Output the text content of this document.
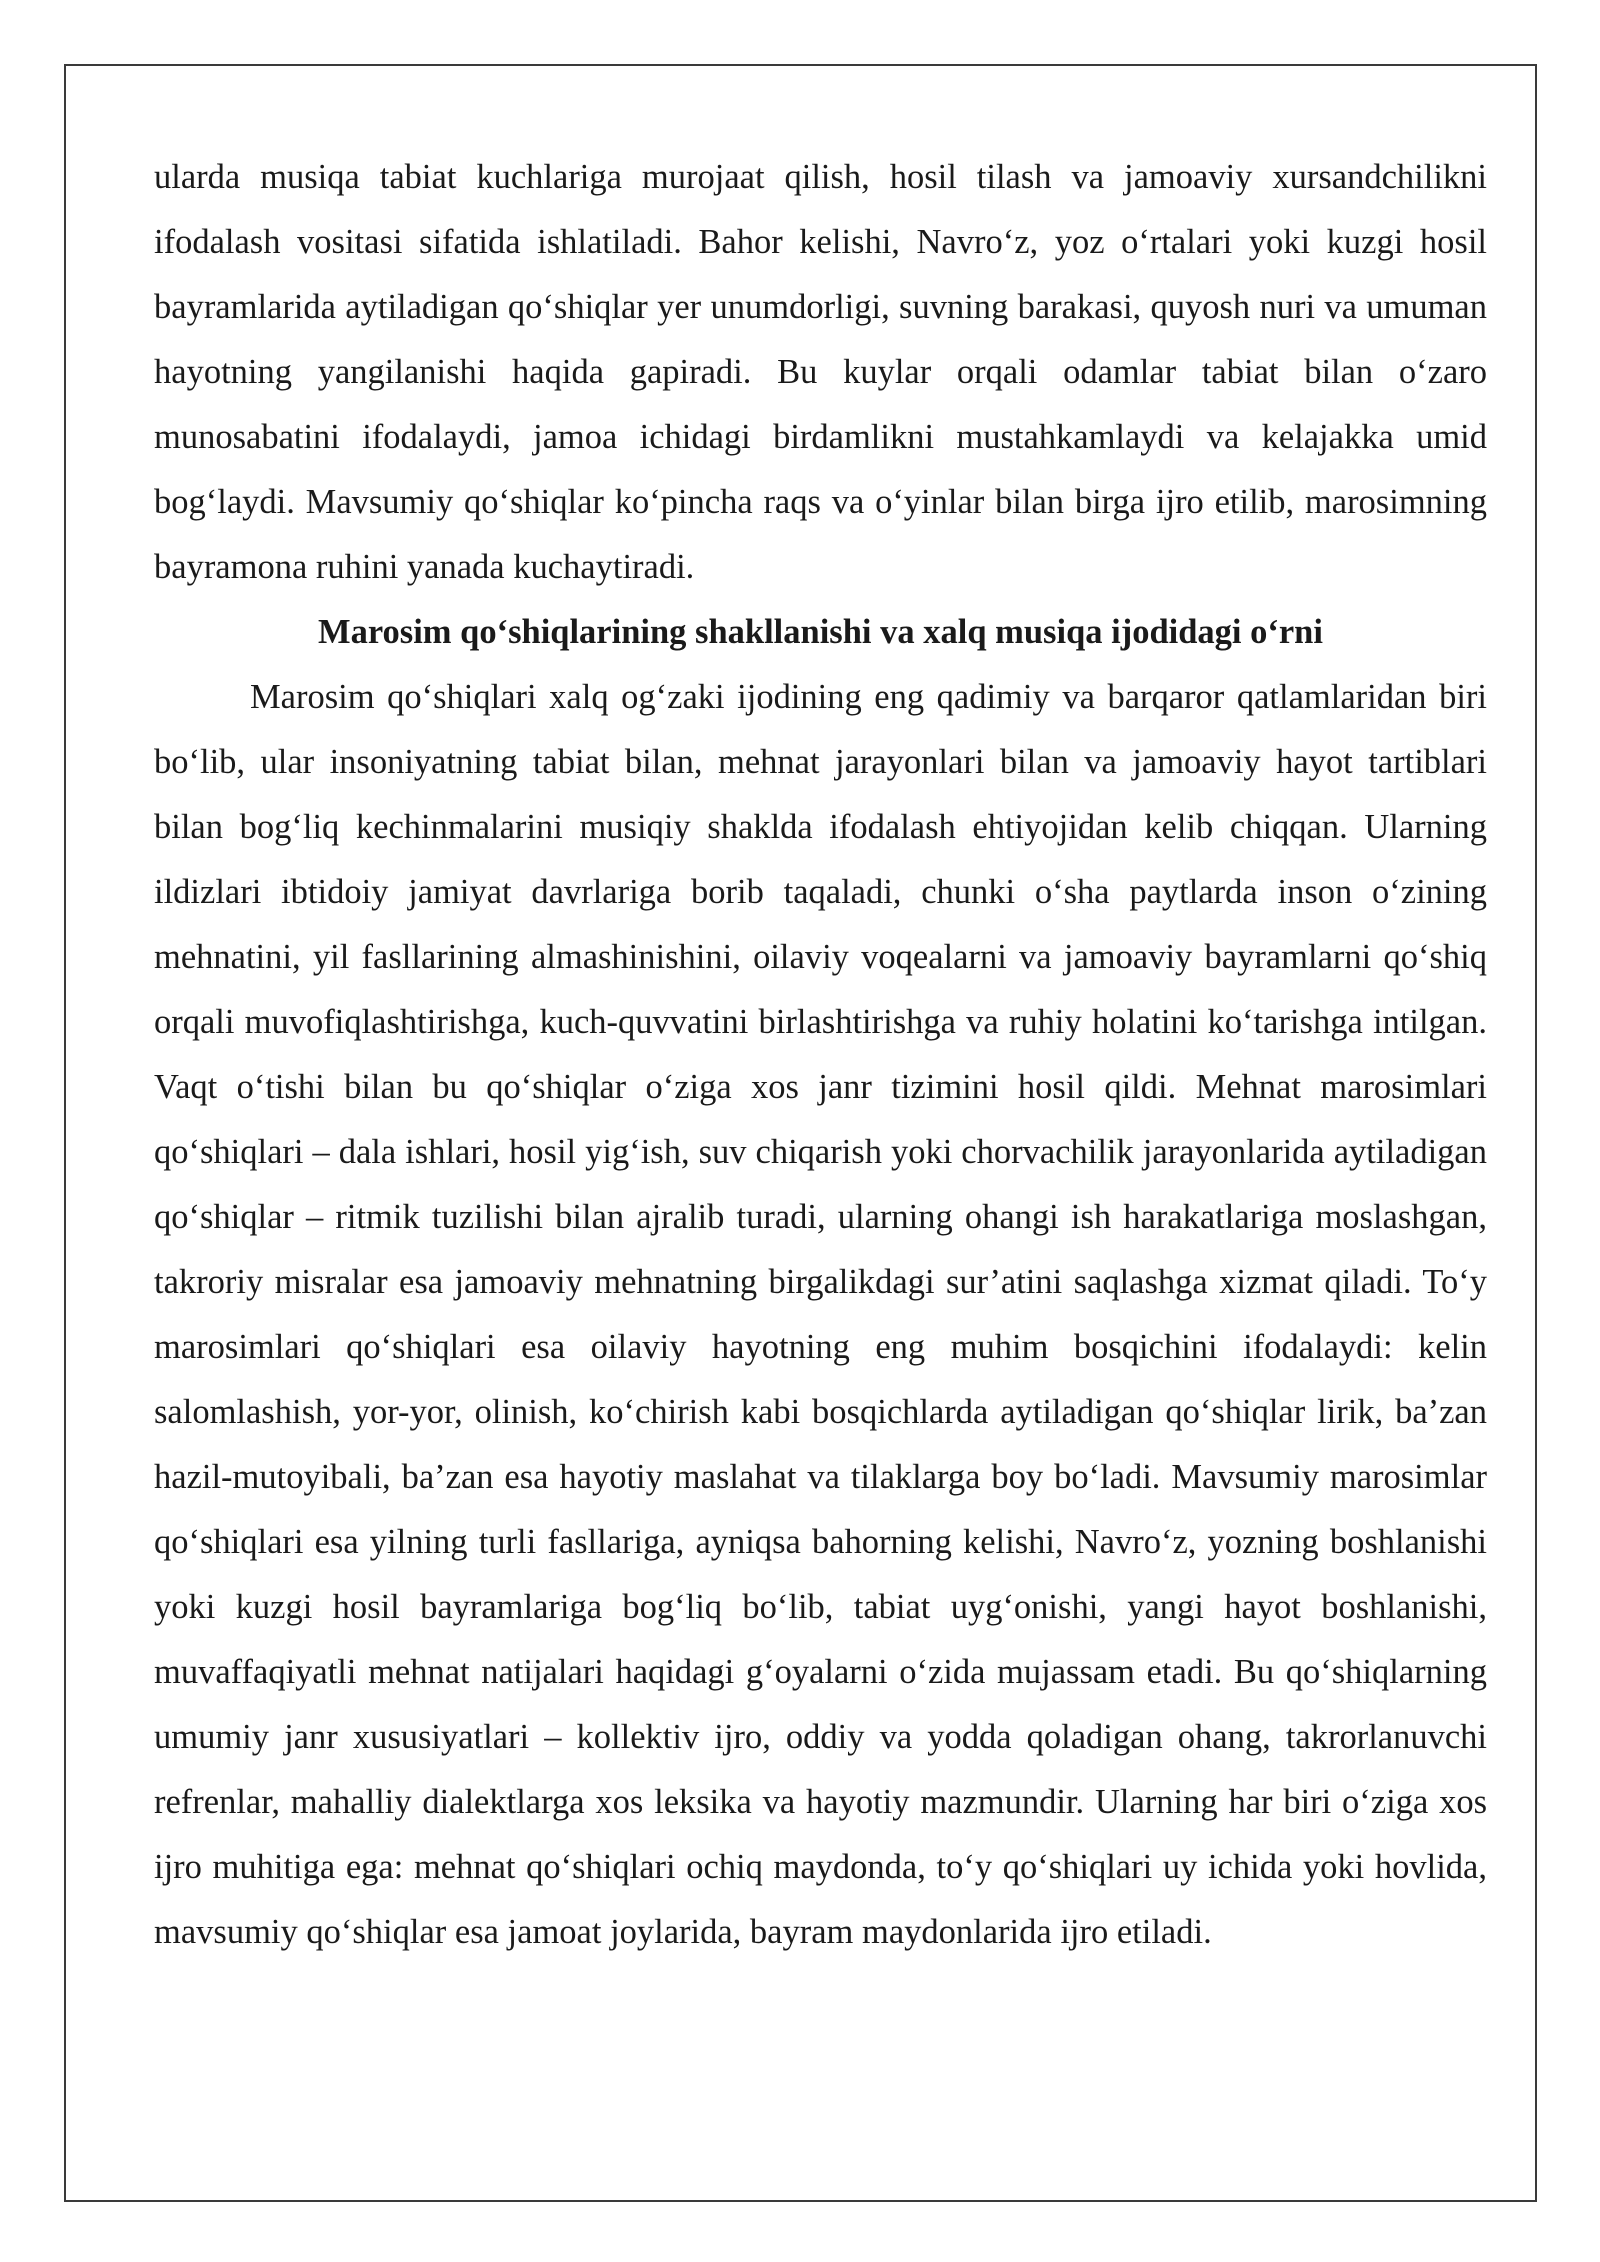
ularda musiqa tabiat kuchlariga murojaat qilish, hosil tilash va jamoaviy xursandchilikni ifodalash vositasi sifatida ishlatiladi. Bahor kelishi, Navro‘z, yoz o‘rtalari yoki kuzgi hosil bayramlarida aytiladigan qo‘shiqlar yer unumdorligi, suvning barakasi, quyosh nuri va umuman hayotning yangilanishi haqida gapiradi. Bu kuylar orqali odamlar tabiat bilan o‘zaro munosabatini ifodalaydi, jamoa ichidagi birdamlikni mustahkamlaydi va kelajakka umid bog‘laydi. Mavsumiy qo‘shiqlar ko‘pincha raqs va o‘yinlar bilan birga ijro etilib, marosimning bayramona ruhini yanada kuchaytiradi.

Marosim qo‘shiqlarining shakllanishi va xalq musiqa ijodidagi o‘rni

Marosim qo‘shiqlari xalq og‘zaki ijodining eng qadimiy va barqaror qatlamlaridan biri bo‘lib, ular insoniyatning tabiat bilan, mehnat jarayonlari bilan va jamoaviy hayot tartiblari bilan bog‘liq kechinmalarini musiqiy shaklda ifodalash ehtiyojidan kelib chiqqan. Ularning ildizlari ibtidoiy jamiyat davrlariga borib taqaladi, chunki o‘sha paytlarda inson o‘zining mehnatini, yil fasllarining almashinishini, oilaviy voqealarni va jamoaviy bayramlarni qo‘shiq orqali muvofiqlashtirishga, kuch-quvvatini birlashtirishga va ruhiy holatini ko‘tarishga intilgan. Vaqt o‘tishi bilan bu qo‘shiqlar o‘ziga xos janr tizimini hosil qildi. Mehnat marosimlari qo‘shiqlari – dala ishlari, hosil yig‘ish, suv chiqarish yoki chorvachilik jarayonlarida aytiladigan qo‘shiqlar – ritmik tuzilishi bilan ajralib turadi, ularning ohangi ish harakatlariga moslashgan, takroriy misralar esa jamoaviy mehnatning birgalikdagi sur’atini saqlashga xizmat qiladi. To‘y marosimlari qo‘shiqlari esa oilaviy hayotning eng muhim bosqichini ifodalaydi: kelin salomlashish, yor-yor, olinish, ko‘chirish kabi bosqichlarda aytiladigan qo‘shiqlar lirik, ba’zan hazil-mutoyibali, ba’zan esa hayotiy maslahat va tilaklarga boy bo‘ladi. Mavsumiy marosimlar qo‘shiqlari esa yilning turli fasllariga, ayniqsa bahorning kelishi, Navro‘z, yozning boshlanishi yoki kuzgi hosil bayramlariga bog‘liq bo‘lib, tabiat uyg‘onishi, yangi hayot boshlanishi, muvaffaqiyatli mehnat natijalari haqidagi g‘oyalarni o‘zida mujassam etadi. Bu qo‘shiqlarning umumiy janr xususiyatlari – kollektiv ijro, oddiy va yodda qoladigan ohang, takrorlanuvchi refrenlar, mahalliy dialektlarga xos leksika va hayotiy mazmundir. Ularning har biri o‘ziga xos ijro muhitiga ega: mehnat qo‘shiqlari ochiq maydonda, to‘y qo‘shiqlari uy ichida yoki hovlida, mavsumiy qo‘shiqlar esa jamoat joylarida, bayram maydonlarida ijro etiladi.
